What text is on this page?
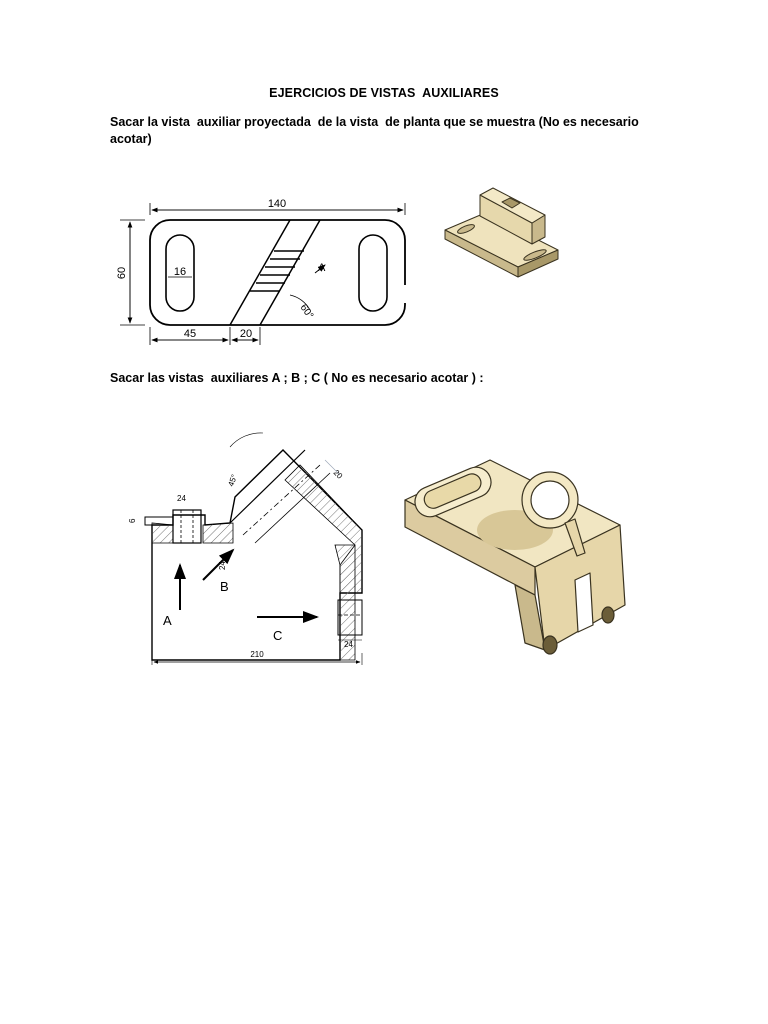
EJERCICIOS DE VISTAS  AUXILIARES
Sacar la vista  auxiliar proyectada  de la vista  de planta que se muestra (No es necesario acotar)
Sacar las vistas  auxiliares A ; B ; C ( No es necesario acotar ) :
140
60	16
45	20
60°
A
210
24
6
24
45°	20
24
A
B
C
